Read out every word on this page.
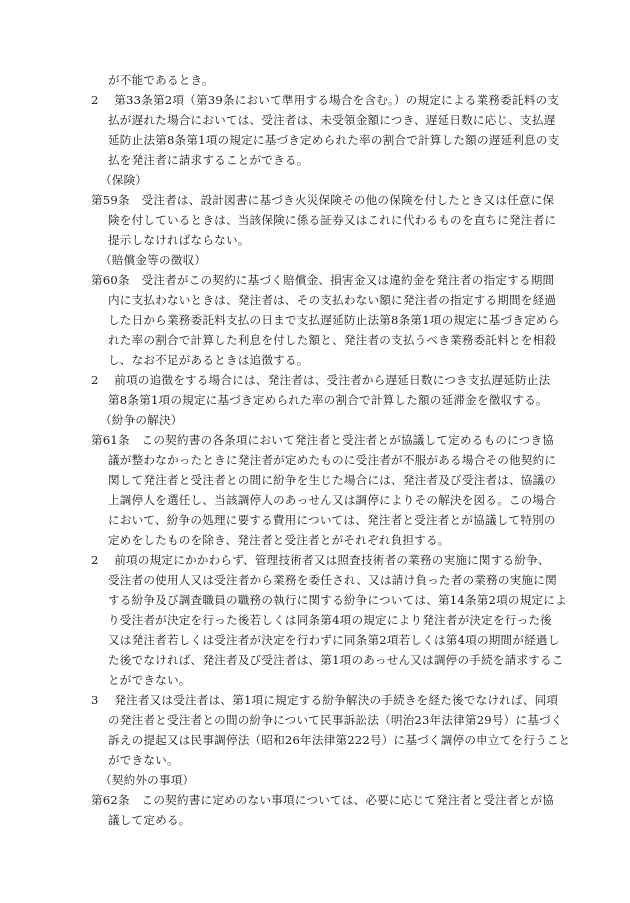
が不能であるとき。
2　 第33条第2項（第39条において準用する場合を含む。）の規定による業務委託料の支
払が遅れた場合においては、受注者は、未受領金額につき、遅延日数に応じ、支払遅
延防止法第8条第1項の規定に基づき定められた率の割合で計算した額の遅延利息の支
払を発注者に請求することができる。
（保険）
第59条　受注者は、設計図書に基づき火災保険その他の保険を付したとき又は任意に保
険を付しているときは、当該保険に係る証券又はこれに代わるものを直ちに発注者に
提示しなければならない。
（賠償金等の徴収）
第60条　受注者がこの契約に基づく賠償金、損害金又は違約金を発注者の指定する期間
内に支払わないときは、発注者は、その支払わない額に発注者の指定する期間を経過
した日から業務委託料支払の日まで支払遅延防止法第8条第1項の規定に基づき定めら
れた率の割合で計算した利息を付した額と、発注者の支払うべき業務委託料とを相殺
し、なお不足があるときは追徴する。
2　 前項の追徴をする場合には、発注者は、受注者から遅延日数につき支払遅延防止法
第8条第1項の規定に基づき定められた率の割合で計算した額の延滞金を徴収する。
（紛争の解決）
第61条　この契約書の各条項において発注者と受注者とが協議して定めるものにつき協
議が整わなかったときに発注者が定めたものに受注者が不服がある場合その他契約に
関して発注者と受注者との間に紛争を生じた場合には、発注者及び受注者は、協議の
上調停人を選任し、当該調停人のあっせん又は調停によりその解決を図る。この場合
において、紛争の処理に要する費用については、発注者と受注者とが協議して特別の
定めをしたものを除き、発注者と受注者とがそれぞれ負担する。
2　 前項の規定にかかわらず、管理技術者又は照査技術者の業務の実施に関する紛争、
受注者の使用人又は受注者から業務を委任され、又は請け負った者の業務の実施に関
する紛争及び調査職員の職務の執行に関する紛争については、第14条第2項の規定によ
り受注者が決定を行った後若しくは同条第4項の規定により発注者が決定を行った後
又は発注者若しくは受注者が決定を行わずに同条第2項若しくは第4項の期間が経過し
た後でなければ、発注者及び受注者は、第1項のあっせん又は調停の手続を請求するこ
とができない。
3　 発注者又は受注者は、第1項に規定する紛争解決の手続きを経た後でなければ、同項
の発注者と受注者との間の紛争について民事訴訟法（明治23年法律第29号）に基づく
訴えの提起又は民事調停法（昭和26年法律第222号）に基づく調停の申立てを行うこと
ができない。
（契約外の事項）
第62条　この契約書に定めのない事項については、必要に応じて発注者と受注者とが協
議して定める。
